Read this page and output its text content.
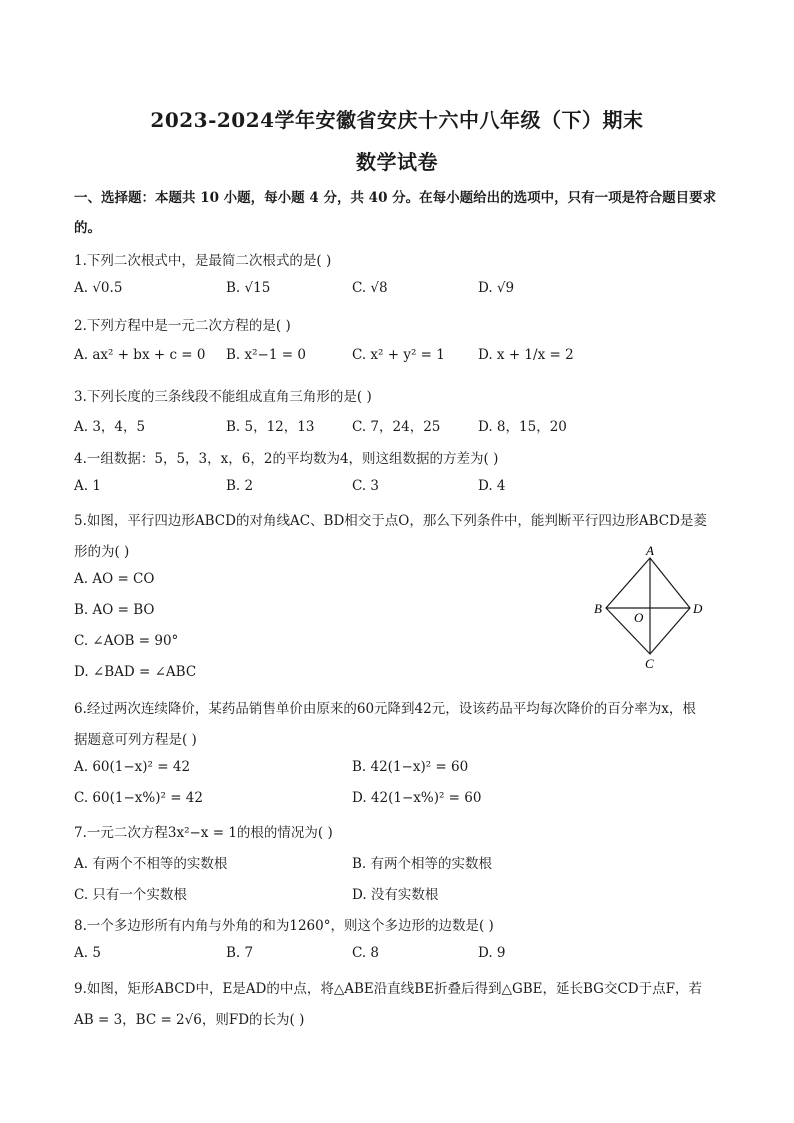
2023-2024学年安徽省安庆十六中八年级（下）期末
数学试卷
一、选择题：本题共 10 小题，每小题 4 分，共 40 分。在每小题给出的选项中，只有一项是符合题目要求
的。
1.下列二次根式中，是最简二次根式的是( )
A. √0.5	B. √15	C. √8	D. √9
2.下列方程中是一元二次方程的是( )
A. ax² + bx + c = 0 B. x²−1 = 0	C. x² + y² = 1 D. x + 1/x = 2
3.下列长度的三条线段不能组成直角三角形的是( )
A. 3，4，5	B. 5，12，13	C. 7，24，25	D. 8，15，20
4.一组数据：5，5，3，x，6，2的平均数为4，则这组数据的方差为( )
A. 1	B. 2	C. 3	D. 4
5.如图，平行四边形ABCD的对角线AC、BD相交于点O，那么下列条件中，能判断平行四边形ABCD是菱
形的为( )
A. AO = CO
B. AO = BO
C. ∠AOB = 90°
D. ∠BAD = ∠ABC
A
B
C
D
O
6.经过两次连续降价，某药品销售单价由原来的60元降到42元，设该药品平均每次降价的百分率为x，根
据题意可列方程是( )
A. 60(1−x)² = 42	B. 42(1−x)² = 60
C. 60(1−x%)² = 42	D. 42(1−x%)² = 60
7.一元二次方程3x²−x = 1的根的情况为( )
A. 有两个不相等的实数根	B. 有两个相等的实数根
C. 只有一个实数根	D. 没有实数根
8.一个多边形所有内角与外角的和为1260°，则这个多边形的边数是( )
A. 5	B. 7	C. 8	D. 9
9.如图，矩形ABCD中，E是AD的中点，将△ABE沿直线BE折叠后得到△GBE，延长BG交CD于点F，若
AB = 3，BC = 2√6，则FD的长为( )
